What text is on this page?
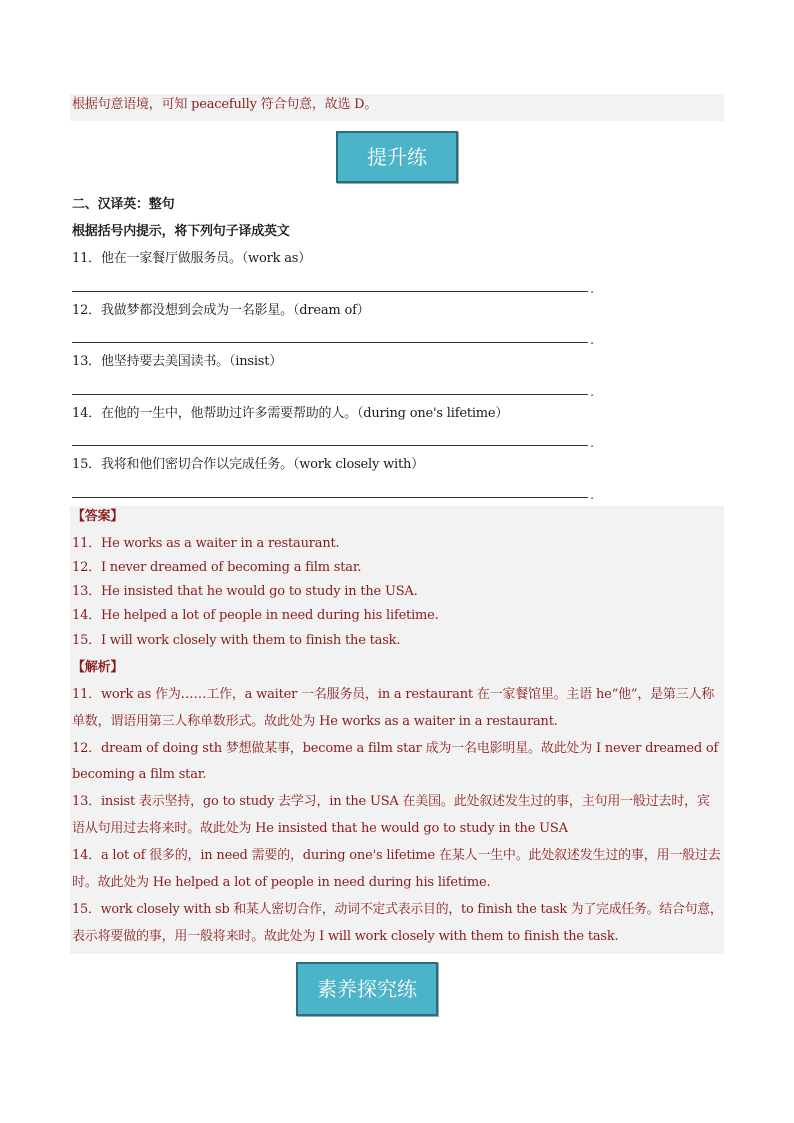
根据句意语境，可知 peacefully 符合句意，故选 D。
提升练
二、汉译英：整句
根据括号内提示，将下列句子译成英文
11．他在一家餐厅做服务员。（work as）
.
12．我做梦都没想到会成为一名影星。（dream of）
.
13．他坚持要去美国读书。（insist）
.
14．在他的一生中，他帮助过许多需要帮助的人。（during one's lifetime）
.
15．我将和他们密切合作以完成任务。（work closely with）
.
【答案】
11．He works as a waiter in a restaurant.
12．I never dreamed of becoming a film star.
13．He insisted that he would go to study in the USA.
14．He helped a lot of people in need during his lifetime.
15．I will work closely with them to finish the task.
【解析】
11．work as 作为……工作，a waiter 一名服务员，in a restaurant 在一家餐馆里。主语 he“他”，是第三人称
单数，谓语用第三人称单数形式。故此处为 He works as a waiter in a restaurant.
12．dream of doing sth 梦想做某事，become a film star 成为一名电影明星。故此处为 I never dreamed of
becoming a film star.
13．insist 表示坚持，go to study 去学习，in the USA 在美国。此处叙述发生过的事，主句用一般过去时，宾
语从句用过去将来时。故此处为 He insisted that he would go to study in the USA
14．a lot of 很多的，in need 需要的，during one's lifetime 在某人一生中。此处叙述发生过的事，用一般过去
时。故此处为 He helped a lot of people in need during his lifetime.
15．work closely with sb 和某人密切合作，动词不定式表示目的，to finish the task 为了完成任务。结合句意，
表示将要做的事，用一般将来时。故此处为 I will work closely with them to finish the task.
素养探究练
